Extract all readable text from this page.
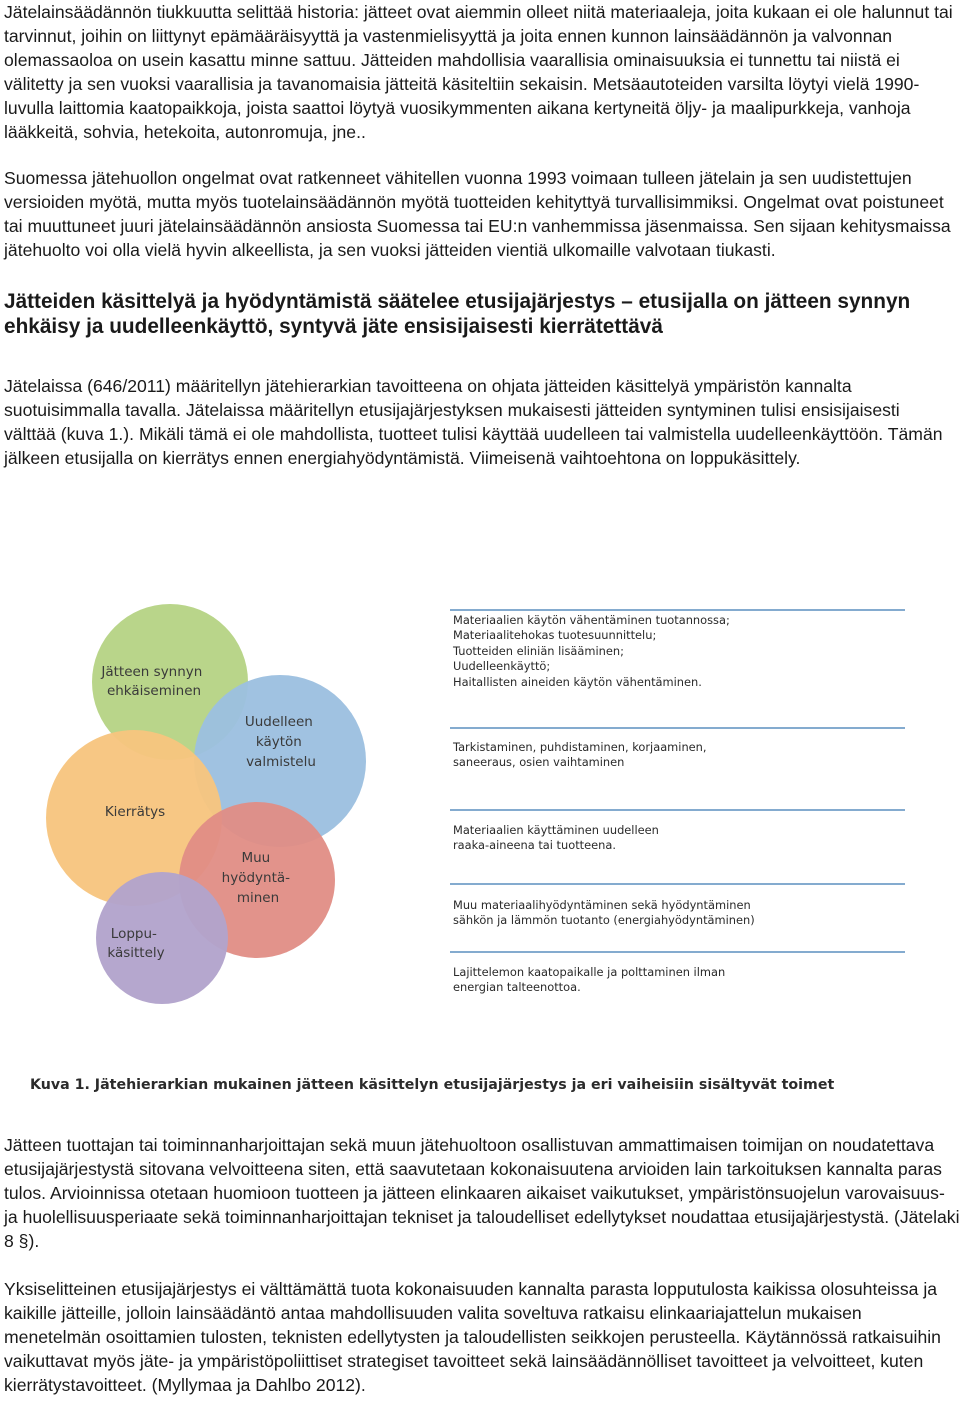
Jätelainsäädännön tiukkuutta selittää historia: jätteet ovat aiemmin olleet niitä materiaaleja, joita kukaan ei ole halunnut tai tarvinnut, joihin on liittynyt epämääräisyyttä ja vastenmielisyyttä ja joita ennen kunnon lainsäädännön ja valvonnan olemassaoloa on usein kasattu minne sattuu. Jätteiden mahdollisia vaarallisia ominaisuuksia ei tunnettu tai niistä ei välitetty ja sen vuoksi vaarallisia ja tavanomaisia jätteitä käsiteltiin sekaisin. Metsäautoteiden varsilta löytyi vielä 1990-luvulla laittomia kaatopaikkoja, joista saattoi löytyä vuosikymmenten aikana kertyneitä öljy- ja maalipurkkeja, vanhoja lääkkeitä, sohvia, hetekoita, autonromuja, jne..

Suomessa jätehuollon ongelmat ovat ratkenneet vähitellen vuonna 1993 voimaan tulleen jätelain ja sen uudistettujen versioiden myötä, mutta myös tuotelainsäädännön myötä tuotteiden kehityttyä turvallisimmiksi. Ongelmat ovat poistuneet tai muuttuneet juuri jätelainsäädännön ansiosta Suomessa tai EU:n vanhemmissa jäsenmaissa. Sen sijaan kehitysmaissa jätehuolto voi olla vielä hyvin alkeellista, ja sen vuoksi jätteiden vientiä ulkomaille valvotaan tiukasti.

Jätteiden käsittelyä ja hyödyntämistä säätelee etusijajärjestys – etusijalla on jätteen synnyn ehkäisy ja uudelleenkäyttö, syntyvä jäte ensisijaisesti kierrätettävä

Jätelaissa (646/2011) määritellyn jätehierarkian tavoitteena on ohjata jätteiden käsittelyä ympäristön kannalta suotuisimmalla tavalla. Jätelaissa määritellyn etusijajärjestyksen mukaisesti jätteiden syntyminen tulisi ensisijaisesti välttää (kuva 1.). Mikäli tämä ei ole mahdollista, tuotteet tulisi käyttää uudelleen tai valmistella uudelleenkäyttöön. Tämän jälkeen etusijalla on kierrätys ennen energiahyödyntämistä. Viimeisenä vaihtoehtona on loppukäsittely.

Jätteen synnyn ehkäiseminen
Uudelleen käytön valmistelu
Kierrätys
Muu hyödyntä- minen
Loppu- käsittely
Materiaalien käytön vähentäminen tuotannossa;
Materiaalitehokas tuotesuunnittelu;
Tuotteiden eliniän lisääminen;
Uudelleenkäyttö;
Haitallisten aineiden käytön vähentäminen.
Tarkistaminen, puhdistaminen, korjaaminen,
saneeraus, osien vaihtaminen
Materiaalien käyttäminen uudelleen
raaka-aineena tai tuotteena.
Muu materiaalihyödyntäminen sekä hyödyntäminen
sähkön ja lämmön tuotanto (energiahyödyntäminen)
Lajittelemon kaatopaikalle ja polttaminen ilman
energian talteenottoa.
Kuva 1. Jätehierarkian mukainen jätteen käsittelyn etusijajärjestys ja eri vaiheisiin sisältyvät toimet

Jätteen tuottajan tai toiminnanharjoittajan sekä muun jätehuoltoon osallistuvan ammattimaisen toimijan on noudatettava etusijajärjestystä sitovana velvoitteena siten, että saavutetaan kokonaisuutena arvioiden lain tarkoituksen kannalta paras tulos. Arvioinnissa otetaan huomioon tuotteen ja jätteen elinkaaren aikaiset vaikutukset, ympäristönsuojelun varovaisuus- ja huolellisuusperiaate sekä toiminnanharjoittajan tekniset ja taloudelliset edellytykset noudattaa etusijajärjestystä. (Jätelaki 8 §).

Yksiselitteinen etusijajärjestys ei välttämättä tuota kokonaisuuden kannalta parasta lopputulosta kaikissa olosuhteissa ja kaikille jätteille, jolloin lainsäädäntö antaa mahdollisuuden valita soveltuva ratkaisu elinkaariajattelun mukaisen menetelmän osoittamien tulosten, teknisten edellytysten ja taloudellisten seikkojen perusteella. Käytännössä ratkaisuihin vaikuttavat myös jäte- ja ympäristöpoliittiset strategiset tavoitteet sekä lainsäädännölliset tavoitteet ja velvoitteet, kuten kierrätystavoitteet. (Myllymaa ja Dahlbo 2012).
